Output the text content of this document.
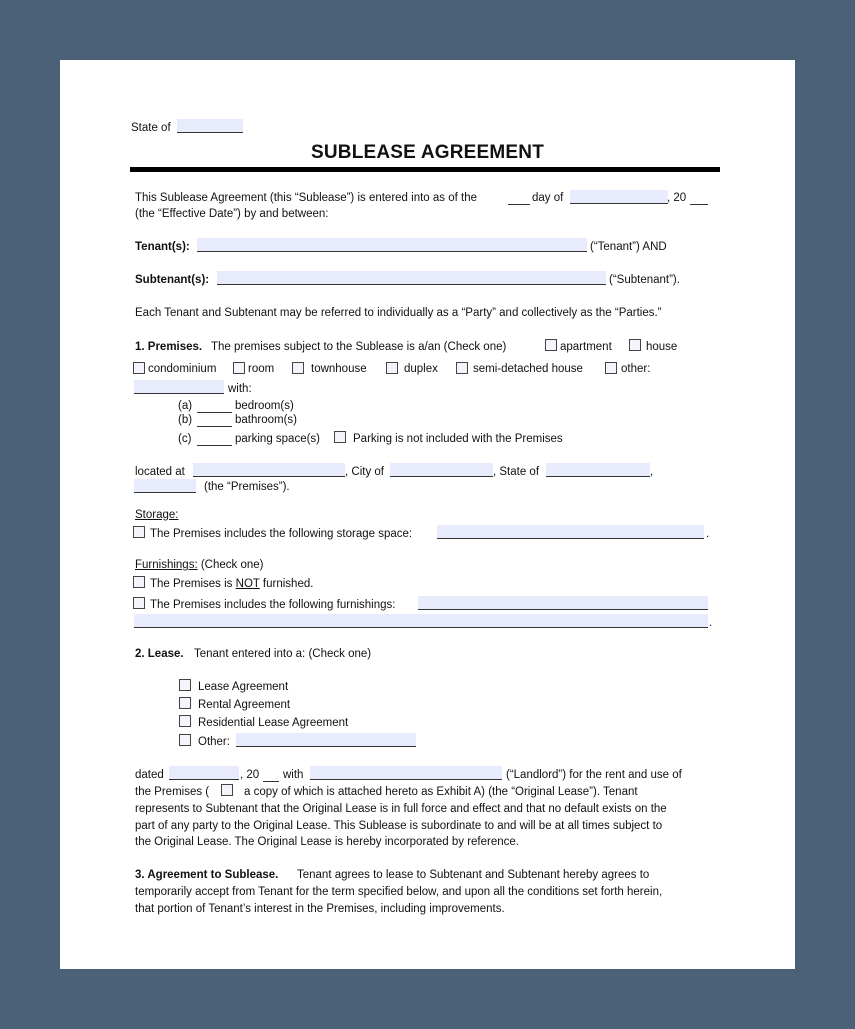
State of
SUBLEASE AGREEMENT
This Sublease Agreement (this “Sublease”) is entered into as of the	day of	, 20
(the “Effective Date”) by and between:
Tenant(s):	(“Tenant”) AND
Subtenant(s):	(“Subtenant”).
Each Tenant and Subtenant may be referred to individually as a “Party” and collectively as the “Parties.”
1. Premises. The premises subject to the Sublease is a/an (Check one)	apartment	house
condominium	room	townhouse	duplex	semi-detached house	other:
with:
(a)	bedroom(s)
(b)	bathroom(s)
(c)	parking space(s)	Parking is not included with the Premises
located at	, City of	, State of	,
(the “Premises”).
Storage:
The Premises includes the following storage space:	.
Furnishings: (Check one)
The Premises is NOT furnished.
The Premises includes the following furnishings:
.
2. Lease. Tenant entered into a: (Check one)
Lease Agreement
Rental Agreement
Residential Lease Agreement
Other:
dated	, 20 with	(“Landlord”) for the rent and use of
the Premises (	a copy of which is attached hereto as Exhibit A) (the “Original Lease”). Tenant
represents to Subtenant that the Original Lease is in full force and effect and that no default exists on the
part of any party to the Original Lease. This Sublease is subordinate to and will be at all times subject to
the Original Lease. The Original Lease is hereby incorporated by reference.
3. Agreement to Sublease. Tenant agrees to lease to Subtenant and Subtenant hereby agrees to
temporarily accept from Tenant for the term specified below, and upon all the conditions set forth herein,
that portion of Tenant’s interest in the Premises, including improvements.
